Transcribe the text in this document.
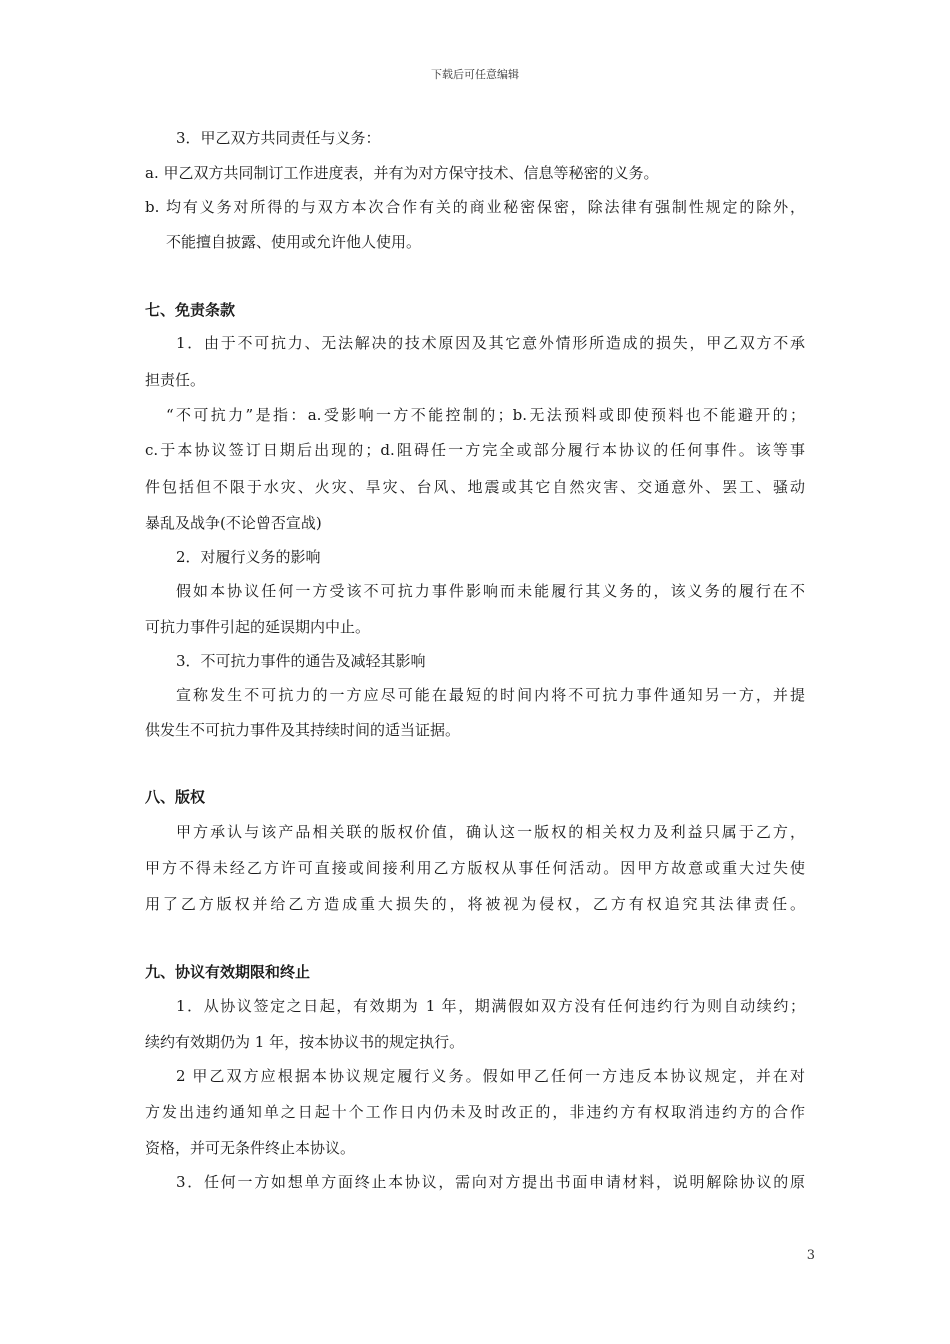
下载后可任意编辑
3．甲乙双方共同责任与义务：
a. 甲乙双方共同制订工作进度表，并有为对方保守技术、信息等秘密的义务。
b. 均有义务对所得的与双方本次合作有关的商业秘密保密，除法律有强制性规定的除外，
不能擅自披露、使用或允许他人使用。
七、免责条款
1．由于不可抗力、无法解决的技术原因及其它意外情形所造成的损失，甲乙双方不承
担责任。
“不可抗力”是指：a.受影响一方不能控制的；b.无法预料或即使预料也不能避开的；
c.于本协议签订日期后出现的；d.阻碍任一方完全或部分履行本协议的任何事件。该等事
件包括但不限于水灾、火灾、旱灾、台风、地震或其它自然灾害、交通意外、罢工、骚动
暴乱及战争(不论曾否宣战)
2．对履行义务的影响
假如本协议任何一方受该不可抗力事件影响而未能履行其义务的，该义务的履行在不
可抗力事件引起的延误期内中止。
3．不可抗力事件的通告及减轻其影响
宣称发生不可抗力的一方应尽可能在最短的时间内将不可抗力事件通知另一方，并提
供发生不可抗力事件及其持续时间的适当证据。
八、版权
甲方承认与该产品相关联的版权价值，确认这一版权的相关权力及利益只属于乙方，
甲方不得未经乙方许可直接或间接利用乙方版权从事任何活动。因甲方故意或重大过失使
用了乙方版权并给乙方造成重大损失的，将被视为侵权，乙方有权追究其法律责任。
九、协议有效期限和终止
1．从协议签定之日起，有效期为 1 年，期满假如双方没有任何违约行为则自动续约；
续约有效期仍为 1 年，按本协议书的规定执行。
2 甲乙双方应根据本协议规定履行义务。假如甲乙任何一方违反本协议规定，并在对
方发出违约通知单之日起十个工作日内仍未及时改正的，非违约方有权取消违约方的合作
资格，并可无条件终止本协议。
3．任何一方如想单方面终止本协议，需向对方提出书面申请材料，说明解除协议的原
3
